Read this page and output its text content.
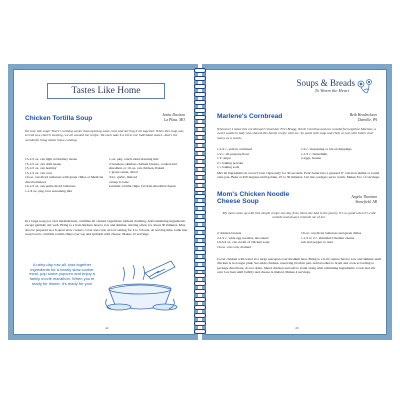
Tastes Like Home
Chicken Tortilla Soup	Jenita Davison
La Plata, MO
We love this soup! There's nothing easier than opening some cans and stirring it all together. When this soup was served at a church meeting, we all wanted the recipe. We each take it a bit to our individual tastes...that's the wonderful thing about home cooking.
15-1/2 oz. can light red kidney beans
15-1/2 oz. can chili beans
15-1/2 oz. can hominy
15-1/2 oz. can corn
10-oz. can diced tomatoes with green chiles or Mexican diced tomatoes
14-1/2 oz. can petite diced tomatoes
1-1/4 oz. pkg. taco seasoning mix
1-oz. pkg. ranch salad dressing mix
2 boneless, skinless chicken breasts, cooked and shredded, or 10-oz. can chicken, flaked
1 green onion, diced
3/4 t. garlic, minced
catsup to taste
Garnish: tortilla chips, favorite shredded cheese
In a large soup pot over medium heat, combine all canned vegetables without draining. Add remaining ingredients except garnish; stir well. Bring to a boil. Reduce heat to low and simmer, stirring often, for about 30 minutes. May also be prepared in a 6-quart slow cooker; cover and cook on low setting for 4 to 5 hours. At serving time, ladle into soup bowls; crumble tortilla chips over top and sprinkle with cheese. Makes 12 servings.
A rainy-day row-all, toss together ingredients for a hearty slow-cooker meal, pop some popcorn and enjoy a family movie marathon. When you're ready for dinner, it's ready for you!
42
Soups & Breads
To Warm the Heart
Marlene's Cornbread	Beth Hendrickson
Danville, PA
Whenever I make this cornbread I remember Fort Bragg, North Carolina and our wonderful neighbor Marlene, a sweet southern lady who shared this family recipe with me. So good with soup and chili, or just with butter and honey as a snack.
1-1/2 c. yellow cornmeal
1/2 c. all-purpose flour
1 T. sugar
2 t. baking powder
1 t. baking soda
1/4 c. shortening or bacon drippings
1-1/2 c. buttermilk
2 eggs, beaten
Mix all ingredients in a bowl; beat vigorously for 30 seconds. Pour batter into a greased 9" cast-iron skillet or round cake pan. Bake at 450 degrees until golden, 25 to 30 minutes. Cut into wedges; serve warm. Makes 8 to 12 servings.
Mom's Chicken Noodle Cheese Soup
Angela Thurman
Stonefield, AR
My mom came up with this simple recipe one day from items she had in the pantry. It's so good when it's cold outside and always reminds me of her.
2 chicken breasts
2-1/2 c. wide egg noodles, uncooked
10-3/4 oz. can cream of chicken soup
10-oz. can corn, drained
10-oz. can diced tomatoes and green chiles
1-1/2 to 2 c. shredded Cheddar cheese
salt and pepper to taste
Cover chicken with water in a large saucepan over medium heat. Bring to a boil; reduce heat to low and simmer until chicken is no longer pink. Set aside chicken, reserving broth in pan. Add noodles to broth and cook according to package directions; do not drain. Shred chicken and add to broth along with remaining ingredients. Cook and stir over low heat until bubbly and cheese is melted. Makes 4 servings.
43
